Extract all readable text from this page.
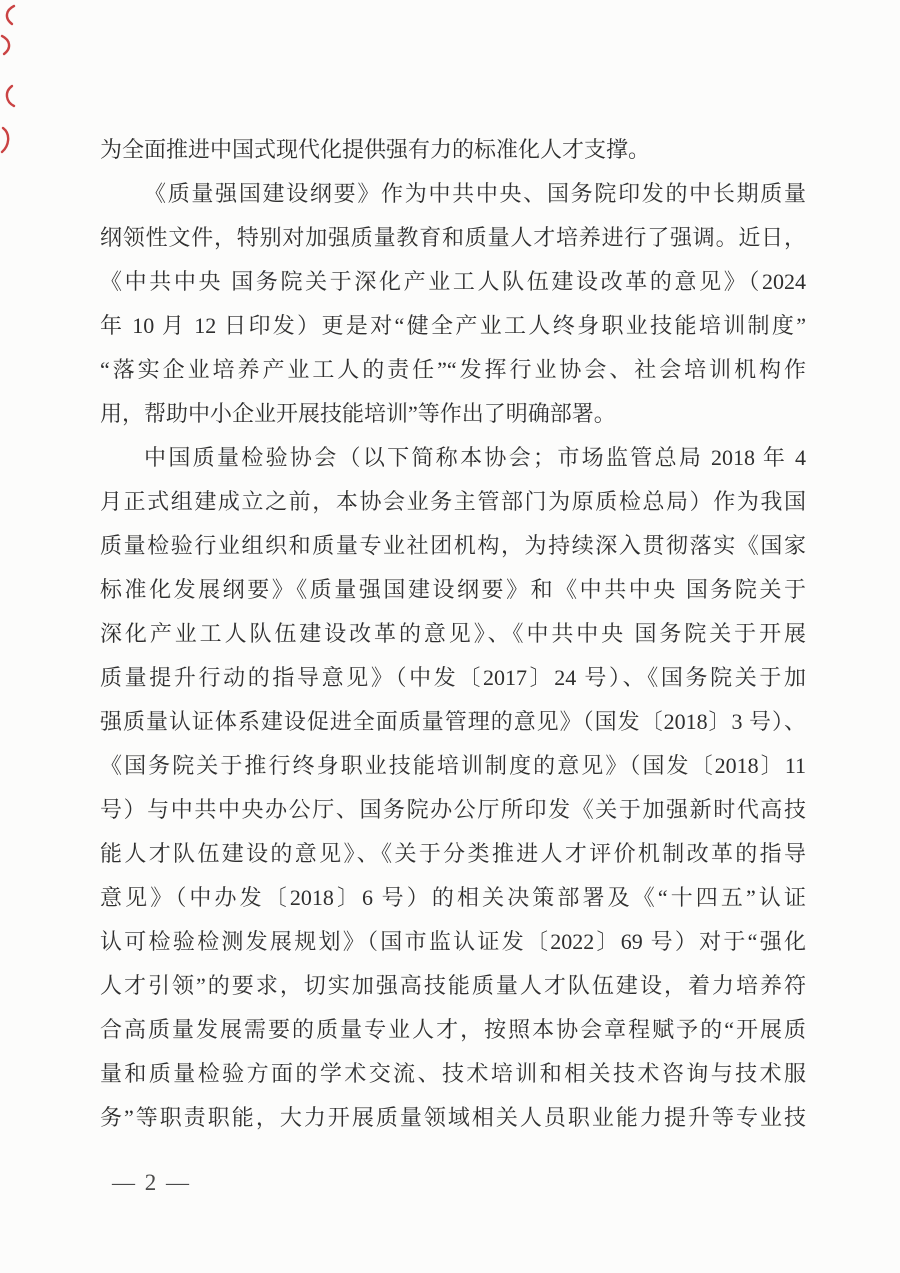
为全面推进中国式现代化提供强有力的标准化人才支撑。
《质量强国建设纲要》作为中共中央、国务院印发的中长期质量
纲领性文件，特别对加强质量教育和质量人才培养进行了强调。近日，
《中共中央 国务院关于深化产业工人队伍建设改革的意见》（2024
年 10 月 12 日印发）更是对“健全产业工人终身职业技能培训制度”
“落实企业培养产业工人的责任”“发挥行业协会、社会培训机构作
用，帮助中小企业开展技能培训”等作出了明确部署。
中国质量检验协会（以下简称本协会；市场监管总局 2018 年 4
月正式组建成立之前，本协会业务主管部门为原质检总局）作为我国
质量检验行业组织和质量专业社团机构，为持续深入贯彻落实《国家
标准化发展纲要》《质量强国建设纲要》和《中共中央 国务院关于
深化产业工人队伍建设改革的意见》、《中共中央 国务院关于开展
质量提升行动的指导意见》（中发〔2017〕24 号）、《国务院关于加
强质量认证体系建设促进全面质量管理的意见》（国发〔2018〕3 号）、
《国务院关于推行终身职业技能培训制度的意见》（国发〔2018〕11
号）与中共中央办公厅、国务院办公厅所印发《关于加强新时代高技
能人才队伍建设的意见》、《关于分类推进人才评价机制改革的指导
意见》（中办发〔2018〕6 号）的相关决策部署及《“十四五”认证
认可检验检测发展规划》（国市监认证发〔2022〕69 号）对于“强化
人才引领”的要求，切实加强高技能质量人才队伍建设，着力培养符
合高质量发展需要的质量专业人才，按照本协会章程赋予的“开展质
量和质量检验方面的学术交流、技术培训和相关技术咨询与技术服
务”等职责职能，大力开展质量领域相关人员职业能力提升等专业技
— 2 —
